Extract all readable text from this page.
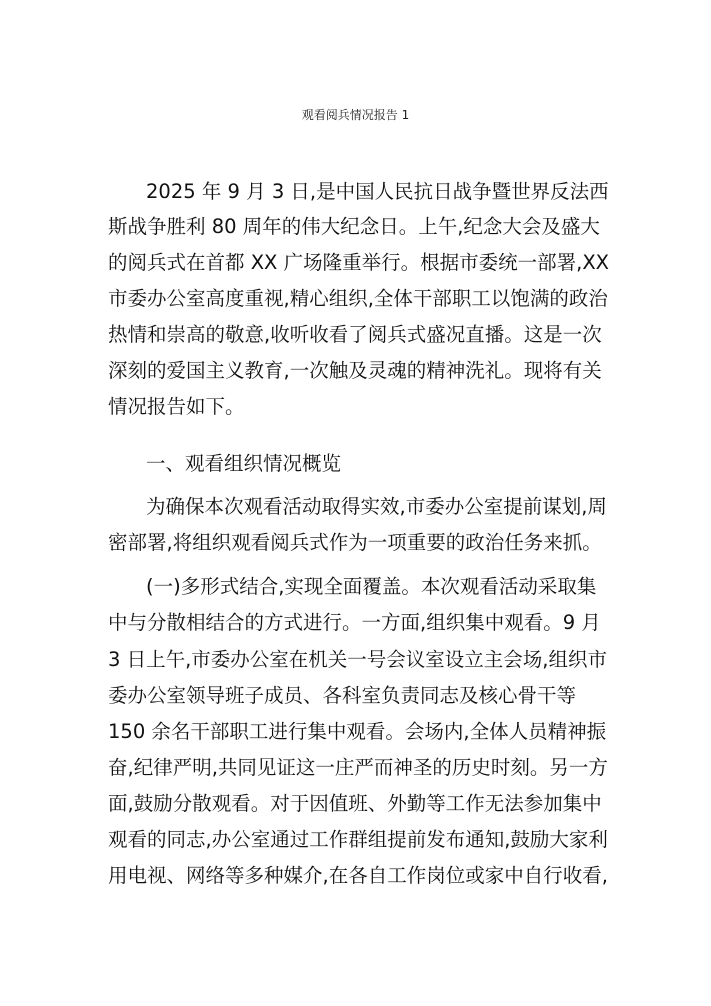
观看阅兵情况报告 1
2025 年 9 月 3 日,是中国人民抗日战争暨世界反法西
斯战争胜利 80 周年的伟大纪念日。上午,纪念大会及盛大
的阅兵式在首都 XX 广场隆重举行。根据市委统一部署,XX
市委办公室高度重视,精心组织,全体干部职工以饱满的政治
热情和崇高的敬意,收听收看了阅兵式盛况直播。这是一次
深刻的爱国主义教育,一次触及灵魂的精神洗礼。现将有关
情况报告如下。
一、观看组织情况概览
为确保本次观看活动取得实效,市委办公室提前谋划,周
密部署,将组织观看阅兵式作为一项重要的政治任务来抓。
(一)多形式结合,实现全面覆盖。本次观看活动采取集
中与分散相结合的方式进行。一方面,组织集中观看。9 月
3 日上午,市委办公室在机关一号会议室设立主会场,组织市
委办公室领导班子成员、各科室负责同志及核心骨干等
150 余名干部职工进行集中观看。会场内,全体人员精神振
奋,纪律严明,共同见证这一庄严而神圣的历史时刻。另一方
面,鼓励分散观看。对于因值班、外勤等工作无法参加集中
观看的同志,办公室通过工作群组提前发布通知,鼓励大家利
用电视、网络等多种媒介,在各自工作岗位或家中自行收看,
